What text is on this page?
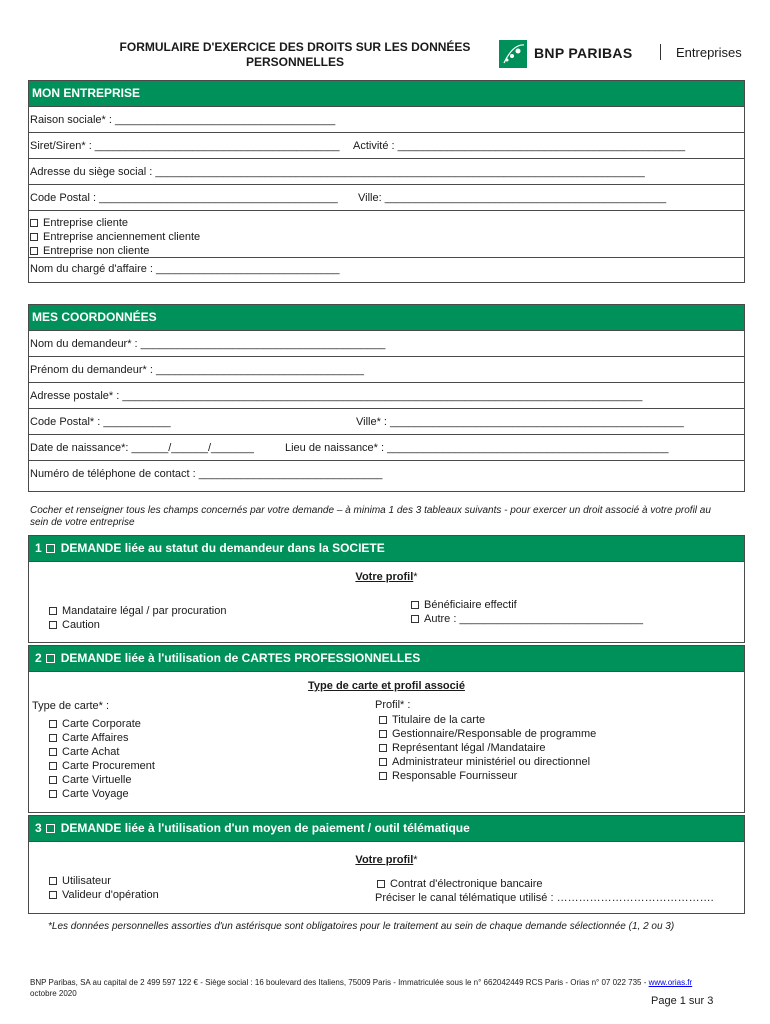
FORMULAIRE D'EXERCICE DES DROITS SUR LES DONNÉES
PERSONNELLES
BNP PARIBAS	Entreprises
MON ENTREPRISE
Raison sociale* : ____________________________________
Siret/Siren* : ________________________________________ Activité : _______________________________________________
Adresse du siège social : ________________________________________________________________________________
Code Postal : _______________________________________ Ville: ______________________________________________
Entreprise cliente
Entreprise anciennement cliente
Entreprise non cliente
Nom du chargé d'affaire : ______________________________
MES COORDONNÉES
Nom du demandeur* : ________________________________________
Prénom du demandeur* : __________________________________
Adresse postale* : _____________________________________________________________________________________
Code Postal* : ___________	Ville* : ________________________________________________
Date de naissance*: ______/______/_______	Lieu de naissance* : ______________________________________________
Numéro de téléphone de contact : ______________________________
Cocher et renseigner tous les champs concernés par votre demande – à minima 1 des 3 tableaux suivants - pour exercer un droit associé à votre profil au sein de votre entreprise
1 DEMANDE liée au statut du demandeur dans la SOCIETE
Votre profil*
Mandataire légal / par procuration
Caution
Bénéficiaire effectif
Autre : ______________________________
2 DEMANDE liée à l'utilisation de CARTES PROFESSIONNELLES
Type de carte et profil associé
Type de carte* :
Carte Corporate
Carte Affaires
Carte Achat
Carte Procurement
Carte Virtuelle
Carte Voyage
Profil* :
Titulaire de la carte
Gestionnaire/Responsable de programme
Représentant légal /Mandataire
Administrateur ministériel ou directionnel
Responsable Fournisseur
3 DEMANDE liée à l'utilisation d'un moyen de paiement / outil télématique
Votre profil*
Utilisateur
Valideur d'opération
Contrat d'électronique bancaire
Préciser le canal télématique utilisé : …………………………………….
*Les données personnelles assorties d'un astérisque sont obligatoires pour le traitement au sein de chaque demande sélectionnée (1, 2 ou 3)
BNP Paribas, SA au capital de 2 499 597 122 € - Siège social : 16 boulevard des Italiens, 75009 Paris - Immatriculée sous le n° 662042449 RCS Paris - Orias n° 07 022 735 - www.orias.fr
octobre 2020
Page 1 sur 3
